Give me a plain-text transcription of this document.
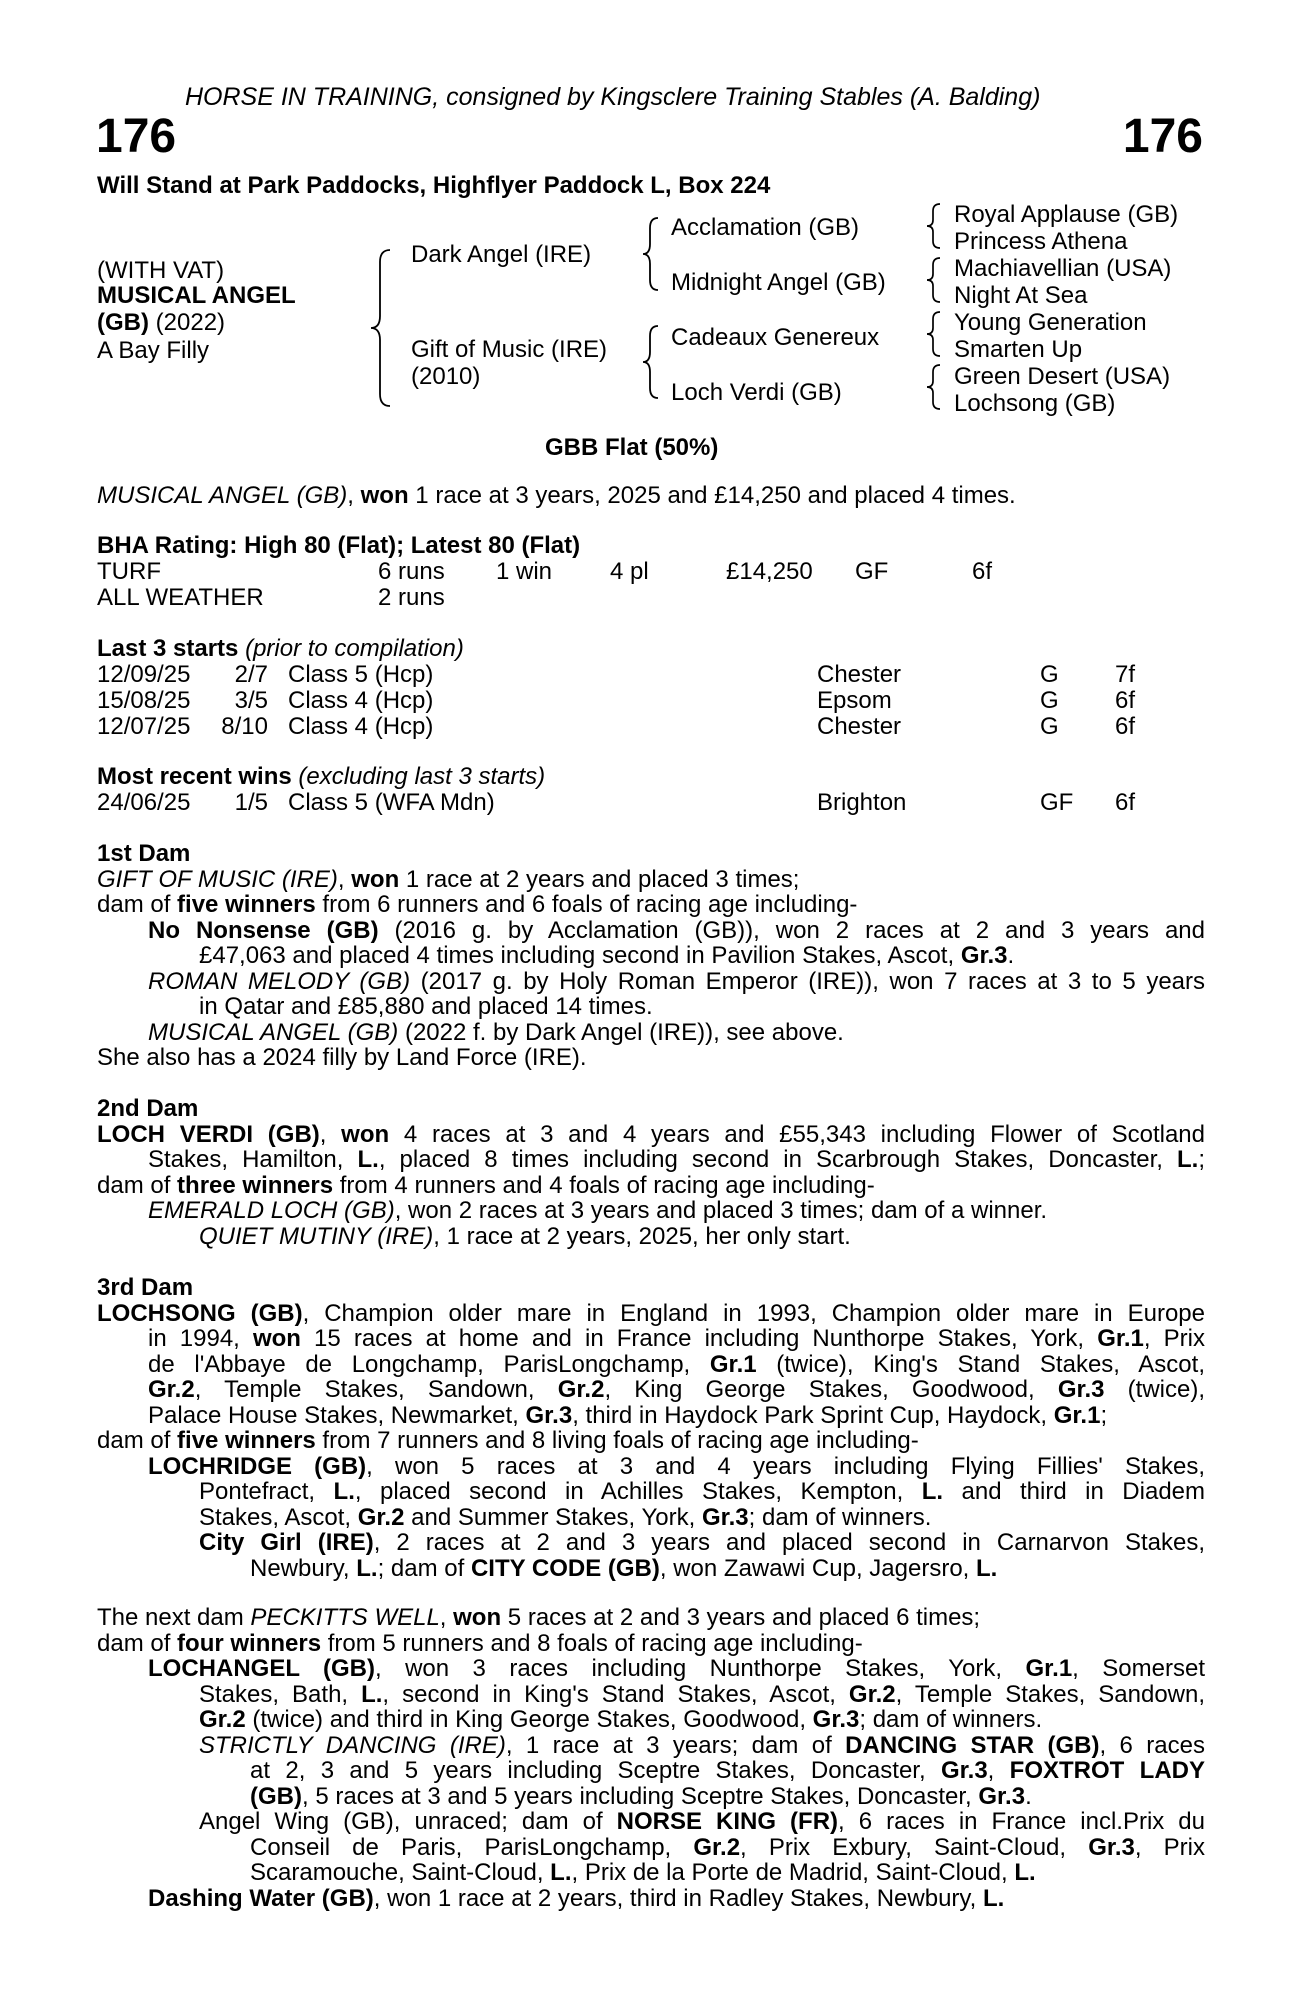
HORSE IN TRAINING, consigned by Kingsclere Training Stables (A. Balding)
176	176
Will Stand at Park Paddocks, Highflyer Paddock L, Box 224
(WITH VAT)
MUSICAL ANGEL
(GB) (2022)
A Bay Filly
Dark Angel (IRE)
Gift of Music (IRE)
(2010)
Acclamation (GB)
Midnight Angel (GB)
Cadeaux Genereux
Loch Verdi (GB)
Royal Applause (GB)
Princess Athena
Machiavellian (USA)
Night At Sea
Young Generation
Smarten Up
Green Desert (USA)
Lochsong (GB)
GBB Flat (50%)
MUSICAL ANGEL (GB), won 1 race at 3 years, 2025 and £14,250 and placed 4 times.
BHA Rating: High 80 (Flat); Latest 80 (Flat)
TURF	6 runs 1 win 4 pl	£14,250 GF	6f
ALL WEATHER	2 runs
Last 3 starts (prior to compilation)
12/09/25	2/7 Class 5 (Hcp)	Chester	G 7f
15/08/25	3/5 Class 4 (Hcp)	Epsom	G 6f
12/07/25	8/10 Class 4 (Hcp)	Chester	G 6f
Most recent wins (excluding last 3 starts)
24/06/25	1/5 Class 5 (WFA Mdn)	Brighton	GF 6f
1st Dam
GIFT OF MUSIC (IRE), won 1 race at 2 years and placed 3 times;
dam of five winners from 6 runners and 6 foals of racing age including-
No Nonsense (GB) (2016 g. by Acclamation (GB)), won 2 races at 2 and 3 years and
£47,063 and placed 4 times including second in Pavilion Stakes, Ascot, Gr.3.
ROMAN MELODY (GB) (2017 g. by Holy Roman Emperor (IRE)), won 7 races at 3 to 5 years
in Qatar and £85,880 and placed 14 times.
MUSICAL ANGEL (GB) (2022 f. by Dark Angel (IRE)), see above.
She also has a 2024 filly by Land Force (IRE).
2nd Dam
LOCH VERDI (GB), won 4 races at 3 and 4 years and £55,343 including Flower of Scotland
Stakes, Hamilton, L., placed 8 times including second in Scarbrough Stakes, Doncaster, L.;
dam of three winners from 4 runners and 4 foals of racing age including-
EMERALD LOCH (GB), won 2 races at 3 years and placed 3 times; dam of a winner.
QUIET MUTINY (IRE), 1 race at 2 years, 2025, her only start.
3rd Dam
LOCHSONG (GB), Champion older mare in England in 1993, Champion older mare in Europe
in 1994, won 15 races at home and in France including Nunthorpe Stakes, York, Gr.1, Prix
de l'Abbaye de Longchamp, ParisLongchamp, Gr.1 (twice), King's Stand Stakes, Ascot,
Gr.2, Temple Stakes, Sandown, Gr.2, King George Stakes, Goodwood, Gr.3 (twice),
Palace House Stakes, Newmarket, Gr.3, third in Haydock Park Sprint Cup, Haydock, Gr.1;
dam of five winners from 7 runners and 8 living foals of racing age including-
LOCHRIDGE (GB), won 5 races at 3 and 4 years including Flying Fillies' Stakes,
Pontefract, L., placed second in Achilles Stakes, Kempton, L. and third in Diadem
Stakes, Ascot, Gr.2 and Summer Stakes, York, Gr.3; dam of winners.
City Girl (IRE), 2 races at 2 and 3 years and placed second in Carnarvon Stakes,
Newbury, L.; dam of CITY CODE (GB), won Zawawi Cup, Jagersro, L.
The next dam PECKITTS WELL, won 5 races at 2 and 3 years and placed 6 times;
dam of four winners from 5 runners and 8 foals of racing age including-
LOCHANGEL (GB), won 3 races including Nunthorpe Stakes, York, Gr.1, Somerset
Stakes, Bath, L., second in King's Stand Stakes, Ascot, Gr.2, Temple Stakes, Sandown,
Gr.2 (twice) and third in King George Stakes, Goodwood, Gr.3; dam of winners.
STRICTLY DANCING (IRE), 1 race at 3 years; dam of DANCING STAR (GB), 6 races
at 2, 3 and 5 years including Sceptre Stakes, Doncaster, Gr.3, FOXTROT LADY
(GB), 5 races at 3 and 5 years including Sceptre Stakes, Doncaster, Gr.3.
Angel Wing (GB), unraced; dam of NORSE KING (FR), 6 races in France incl.Prix du
Conseil de Paris, ParisLongchamp, Gr.2, Prix Exbury, Saint-Cloud, Gr.3, Prix
Scaramouche, Saint-Cloud, L., Prix de la Porte de Madrid, Saint-Cloud, L.
Dashing Water (GB), won 1 race at 2 years, third in Radley Stakes, Newbury, L.
